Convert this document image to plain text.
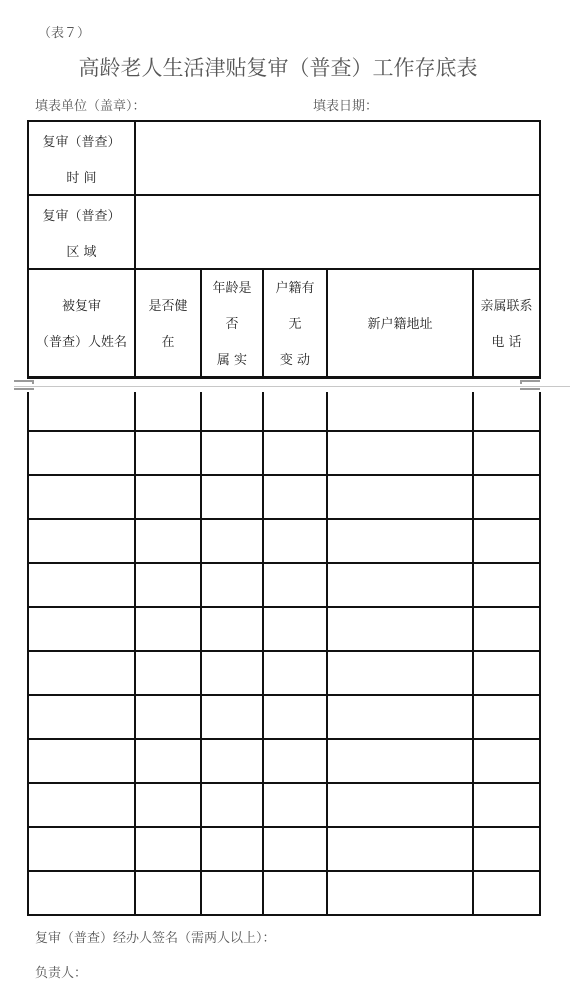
（表７）
高龄老人生活津贴复审（普查）工作存底表
填表单位（盖章）：	填表日期：
复审（普查）
时 间
复审（普查）
区 域
被复审
（普查）人姓名
是否健
在
年龄是
否
属 实
户籍有
无
变 动
新户籍地址
亲属联系
电 话
复审（普查）经办人签名（需两人以上）：
负责人：
